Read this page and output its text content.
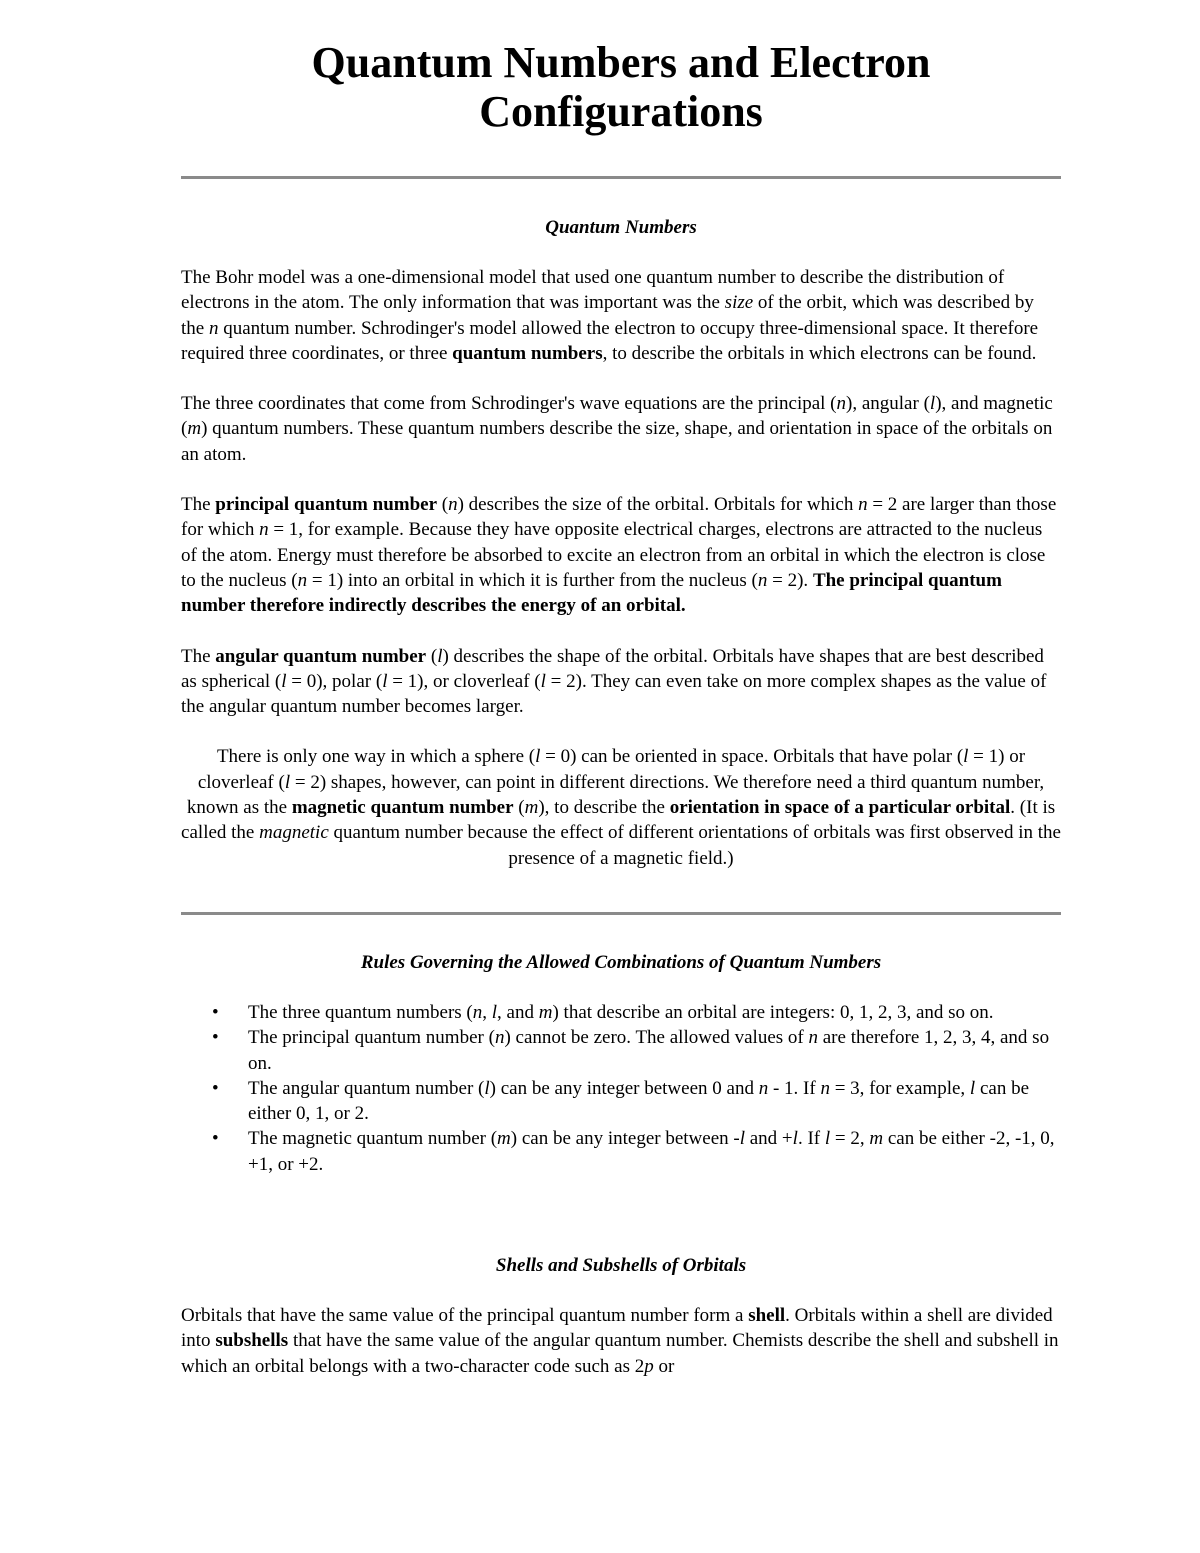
Quantum Numbers and Electron Configurations
Quantum Numbers

The Bohr model was a one-dimensional model that used one quantum number to describe the distribution of electrons in the atom. The only information that was important was the size of the orbit, which was described by the n quantum number. Schrodinger's model allowed the electron to occupy three-dimensional space. It therefore required three coordinates, or three quantum numbers, to describe the orbitals in which electrons can be found.

The three coordinates that come from Schrodinger's wave equations are the principal (n), angular (l), and magnetic (m) quantum numbers. These quantum numbers describe the size, shape, and orientation in space of the orbitals on an atom.

The principal quantum number (n) describes the size of the orbital. Orbitals for which n = 2 are larger than those for which n = 1, for example. Because they have opposite electrical charges, electrons are attracted to the nucleus of the atom. Energy must therefore be absorbed to excite an electron from an orbital in which the electron is close to the nucleus (n = 1) into an orbital in which it is further from the nucleus (n = 2). The principal quantum number therefore indirectly describes the energy of an orbital.

The angular quantum number (l) describes the shape of the orbital. Orbitals have shapes that are best described as spherical (l = 0), polar (l = 1), or cloverleaf (l = 2). They can even take on more complex shapes as the value of the angular quantum number becomes larger.

There is only one way in which a sphere (l = 0) can be oriented in space. Orbitals that have polar (l = 1) or cloverleaf (l = 2) shapes, however, can point in different directions. We therefore need a third quantum number, known as the magnetic quantum number (m), to describe the orientation in space of a particular orbital. (It is called the magnetic quantum number because the effect of different orientations of orbitals was first observed in the presence of a magnetic field.)

Rules Governing the Allowed Combinations of Quantum Numbers
• The three quantum numbers (n, l, and m) that describe an orbital are integers: 0, 1, 2, 3, and so on.
• The principal quantum number (n) cannot be zero. The allowed values of n are therefore 1, 2, 3, 4, and so on.
• The angular quantum number (l) can be any integer between 0 and n - 1. If n = 3, for example, l can be either 0, 1, or 2.
• The magnetic quantum number (m) can be any integer between -l and +l. If l = 2, m can be either -2, -1, 0, +1, or +2.
Shells and Subshells of Orbitals

Orbitals that have the same value of the principal quantum number form a shell. Orbitals within a shell are divided into subshells that have the same value of the angular quantum number. Chemists describe the shell and subshell in which an orbital belongs with a two-character code such as 2p or
